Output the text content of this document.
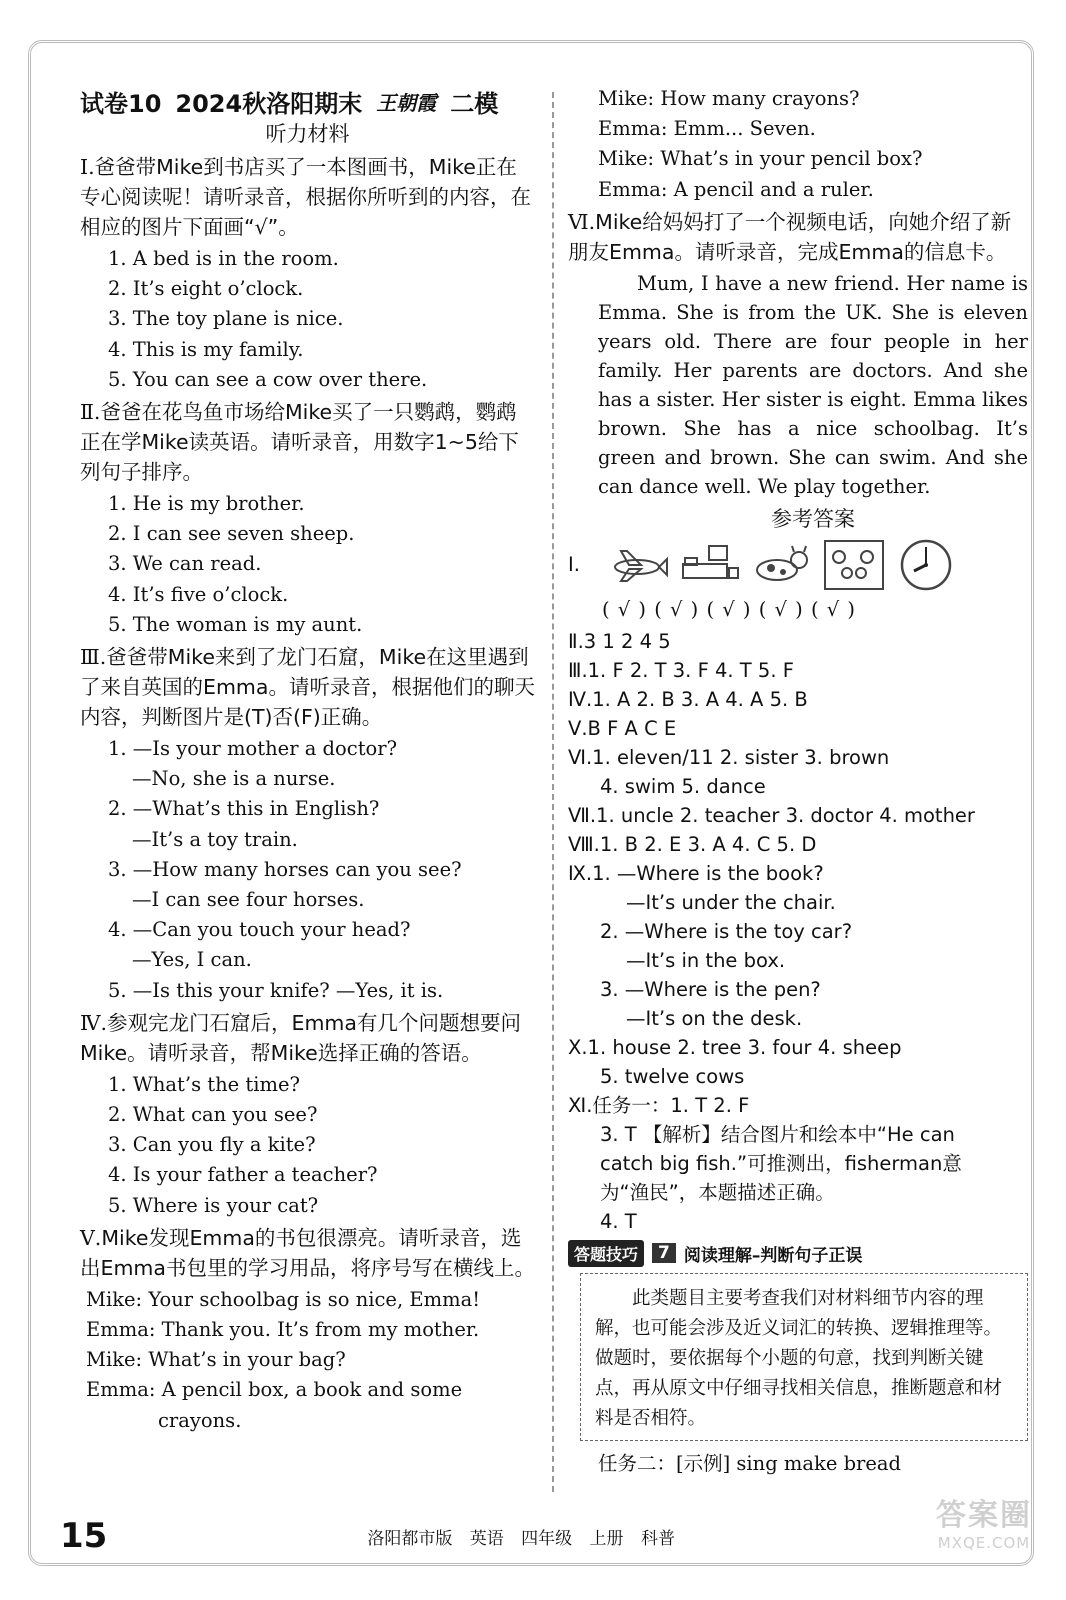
试卷10 2024秋洛阳期末 王朝霞 二模
听力材料
Ⅰ.爸爸带Mike到书店买了一本图画书，Mike正在专心阅读呢！请听录音，根据你所听到的内容，在相应的图片下面画“√”。
1. A bed is in the room.
2. It’s eight o’clock.
3. The toy plane is nice.
4. This is my family.
5. You can see a cow over there.
Ⅱ.爸爸在花鸟鱼市场给Mike买了一只鹦鹉，鹦鹉正在学Mike读英语。请听录音，用数字1~5给下列句子排序。
1. He is my brother.
2. I can see seven sheep.
3. We can read.
4. It’s five o’clock.
5. The woman is my aunt.
Ⅲ.爸爸带Mike来到了龙门石窟，Mike在这里遇到了来自英国的Emma。请听录音，根据他们的聊天内容，判断图片是(T)否(F)正确。
1. —Is your mother a doctor?
—No, she is a nurse.
2. —What’s this in English?
—It’s a toy train.
3. —How many horses can you see?
—I can see four horses.
4. —Can you touch your head?
—Yes, I can.
5. —Is this your knife? —Yes, it is.
Ⅳ.参观完龙门石窟后，Emma有几个问题想要问Mike。请听录音，帮Mike选择正确的答语。
1. What’s the time?
2. What can you see?
3. Can you fly a kite?
4. Is your father a teacher?
5. Where is your cat?
Ⅴ.Mike发现Emma的书包很漂亮。请听录音，选出Emma书包里的学习用品，将序号写在横线上。
Mike: Your schoolbag is so nice, Emma!
Emma: Thank you. It’s from my mother.
Mike: What’s in your bag?
Emma: A pencil box, a book and some
crayons.
Mike: How many crayons?
Emma: Emm... Seven.
Mike: What’s in your pencil box?
Emma: A pencil and a ruler.
Ⅵ.Mike给妈妈打了一个视频电话，向她介绍了新朋友Emma。请听录音，完成Emma的信息卡。
Mum, I have a new friend. Her name is Emma. She is from the UK. She is eleven years old. There are four people in her family. Her parents are doctors. And she has a sister. Her sister is eight. Emma likes brown. She has a nice schoolbag. It’s green and brown. She can swim. And she can dance well. We play together.
参考答案
Ⅰ.
( √ ) ( √ ) ( √ ) ( √ ) ( √ )
Ⅱ.3 1 2 4 5
Ⅲ.1. F 2. T 3. F 4. T 5. F
Ⅳ.1. A 2. B 3. A 4. A 5. B
Ⅴ.B F A C E
Ⅵ.1. eleven/11 2. sister 3. brown
4. swim 5. dance
Ⅶ.1. uncle 2. teacher 3. doctor 4. mother
Ⅷ.1. B 2. E 3. A 4. C 5. D
Ⅸ.1. —Where is the book?
—It’s under the chair.
2. —Where is the toy car?
—It’s in the box.
3. —Where is the pen?
—It’s on the desk.
Ⅹ.1. house 2. tree 3. four 4. sheep
5. twelve cows
Ⅺ.任务一：1. T 2. F
3. T 【解析】结合图片和绘本中“He can catch big fish.”可推测出，fisherman意为“渔民”，本题描述正确。
4. T
答题技巧	7 阅读理解–判断句子正误
此类题目主要考查我们对材料细节内容的理解，也可能会涉及近义词汇的转换、逻辑推理等。做题时，要依据每个小题的句意，找到判断关键点，再从原文中仔细寻找相关信息，推断题意和材料是否相符。
任务二：[示例] sing make bread
15	洛阳都市版 英语 四年级 上册 科普
答案圈
MXQE.COM
